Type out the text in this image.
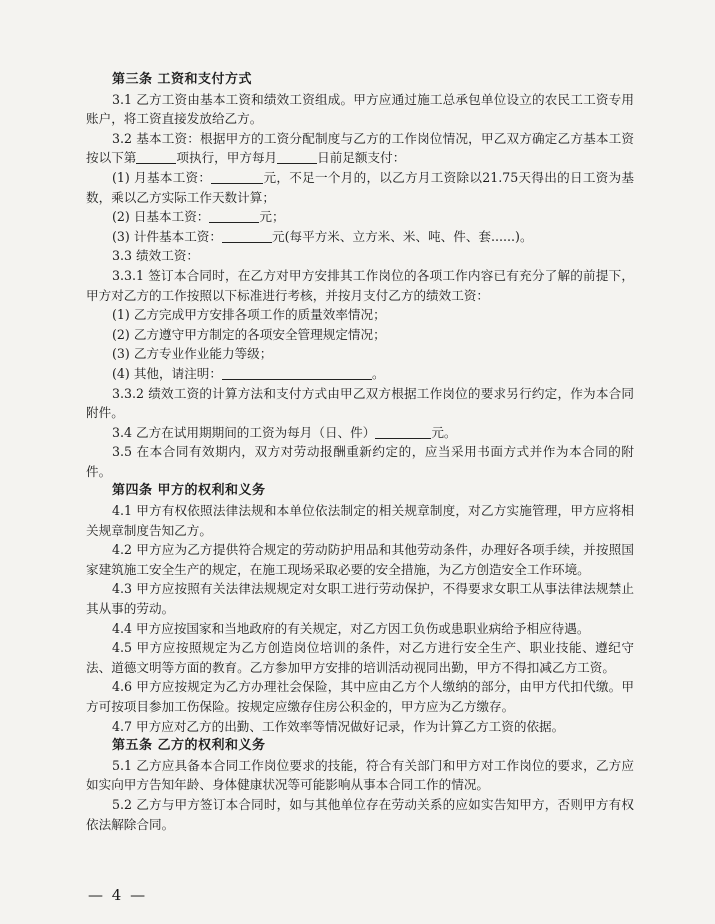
第三条 工资和支付方式

3.1 乙方工资由基本工资和绩效工资组成。甲方应通过施工总承包单位设立的农民工工资专用账户，将工资直接发放给乙方。

3.2 基本工资：根据甲方的工资分配制度与乙方的工作岗位情况，甲乙双方确定乙方基本工资按以下第	项执行，甲方每月	日前足额支付：

(1) 月基本工资：	元，不足一个月的，以乙方月工资除以21.75天得出的日工资为基数，乘以乙方实际工作天数计算；

(2) 日基本工资：	元；

(3) 计件基本工资：	元(每平方米、立方米、米、吨、件、套......)。

3.3 绩效工资：

3.3.1 签订本合同时，在乙方对甲方安排其工作岗位的各项工作内容已有充分了解的前提下，甲方对乙方的工作按照以下标准进行考核，并按月支付乙方的绩效工资：

(1) 乙方完成甲方安排各项工作的质量效率情况；

(2) 乙方遵守甲方制定的各项安全管理规定情况；

(3) 乙方专业作业能力等级；

(4) 其他，请注明：	。

3.3.2 绩效工资的计算方法和支付方式由甲乙双方根据工作岗位的要求另行约定，作为本合同附件。

3.4 乙方在试用期期间的工资为每月（日、件）	元。

3.5 在本合同有效期内，双方对劳动报酬重新约定的，应当采用书面方式并作为本合同的附件。

第四条 甲方的权利和义务

4.1 甲方有权依照法律法规和本单位依法制定的相关规章制度，对乙方实施管理，甲方应将相关规章制度告知乙方。

4.2 甲方应为乙方提供符合规定的劳动防护用品和其他劳动条件，办理好各项手续，并按照国家建筑施工安全生产的规定，在施工现场采取必要的安全措施，为乙方创造安全工作环境。

4.3 甲方应按照有关法律法规规定对女职工进行劳动保护，不得要求女职工从事法律法规禁止其从事的劳动。

4.4 甲方应按国家和当地政府的有关规定，对乙方因工负伤或患职业病给予相应待遇。

4.5 甲方应按照规定为乙方创造岗位培训的条件，对乙方进行安全生产、职业技能、遵纪守法、道德文明等方面的教育。乙方参加甲方安排的培训活动视同出勤，甲方不得扣减乙方工资。

4.6 甲方应按规定为乙方办理社会保险，其中应由乙方个人缴纳的部分，由甲方代扣代缴。甲方可按项目参加工伤保险。按规定应缴存住房公积金的，甲方应为乙方缴存。

4.7 甲方应对乙方的出勤、工作效率等情况做好记录，作为计算乙方工资的依据。

第五条 乙方的权利和义务

5.1 乙方应具备本合同工作岗位要求的技能，符合有关部门和甲方对工作岗位的要求，乙方应如实向甲方告知年龄、身体健康状况等可能影响从事本合同工作的情况。

5.2 乙方与甲方签订本合同时，如与其他单位存在劳动关系的应如实告知甲方，否则甲方有权依法解除合同。

— 4 —
